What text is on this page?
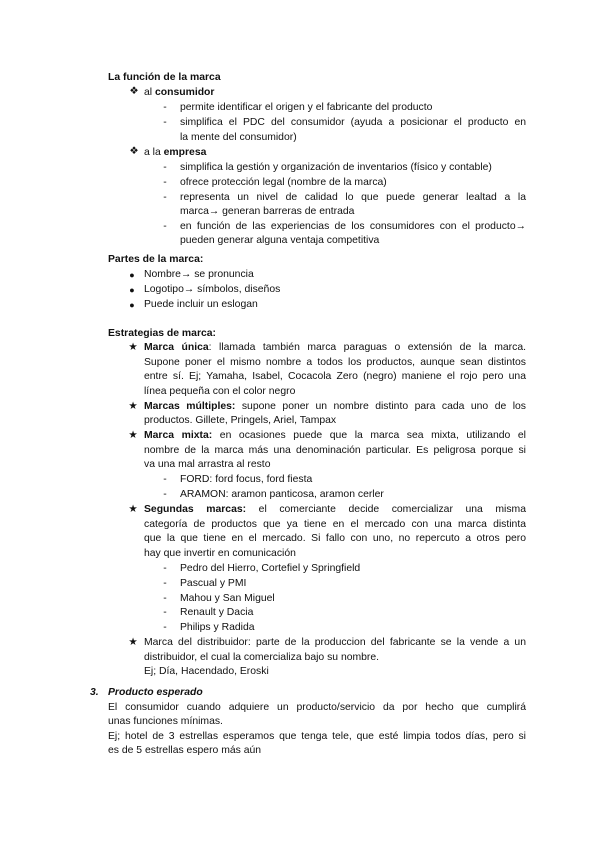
La función de la marca
❖ al consumidor
- permite identificar el origen y el fabricante del producto
- simplifica el PDC del consumidor (ayuda a posicionar el producto en
la mente del consumidor)
❖ a la empresa
- simplifica la gestión y organización de inventarios (físico y contable)
- ofrece protección legal (nombre de la marca)
- representa un nivel de calidad lo que puede generar lealtad a la
marca→ generan barreras de entrada
- en función de las experiencias de los consumidores con el producto→
pueden generar alguna ventaja competitiva
Partes de la marca:
● Nombre→ se pronuncia
● Logotipo→ símbolos, diseños
● Puede incluir un eslogan
Estrategias de marca:
★ Marca única: llamada también marca paraguas o extensión de la marca.
Supone poner el mismo nombre a todos los productos, aunque sean distintos
entre sí. Ej; Yamaha, Isabel, Cocacola Zero (negro) maniene el rojo pero una
línea pequeña con el color negro
★ Marcas múltiples: supone poner un nombre distinto para cada uno de los
productos. Gillete, Pringels, Ariel, Tampax
★ Marca mixta: en ocasiones puede que la marca sea mixta, utilizando el
nombre de la marca más una denominación particular. Es peligrosa porque si
va una mal arrastra al resto
- FORD: ford focus, ford fiesta
- ARAMON: aramon panticosa, aramon cerler
★ Segundas marcas: el comerciante decide comercializar una misma
categoría de productos que ya tiene en el mercado con una marca distinta
que la que tiene en el mercado. Si fallo con uno, no repercuto a otros pero
hay que invertir en comunicación
- Pedro del Hierro, Cortefiel y Springfield
- Pascual y PMI
- Mahou y San Miguel
- Renault y Dacia
- Philips y Radida
★ Marca del distribuidor: parte de la produccion del fabricante se la vende a un
distribuidor, el cual la comercializa bajo su nombre.
Ej; Día, Hacendado, Eroski
3. Producto esperado
El consumidor cuando adquiere un producto/servicio da por hecho que cumplirá
unas funciones mínimas.
Ej; hotel de 3 estrellas esperamos que tenga tele, que esté limpia todos días, pero si
es de 5 estrellas espero más aún
